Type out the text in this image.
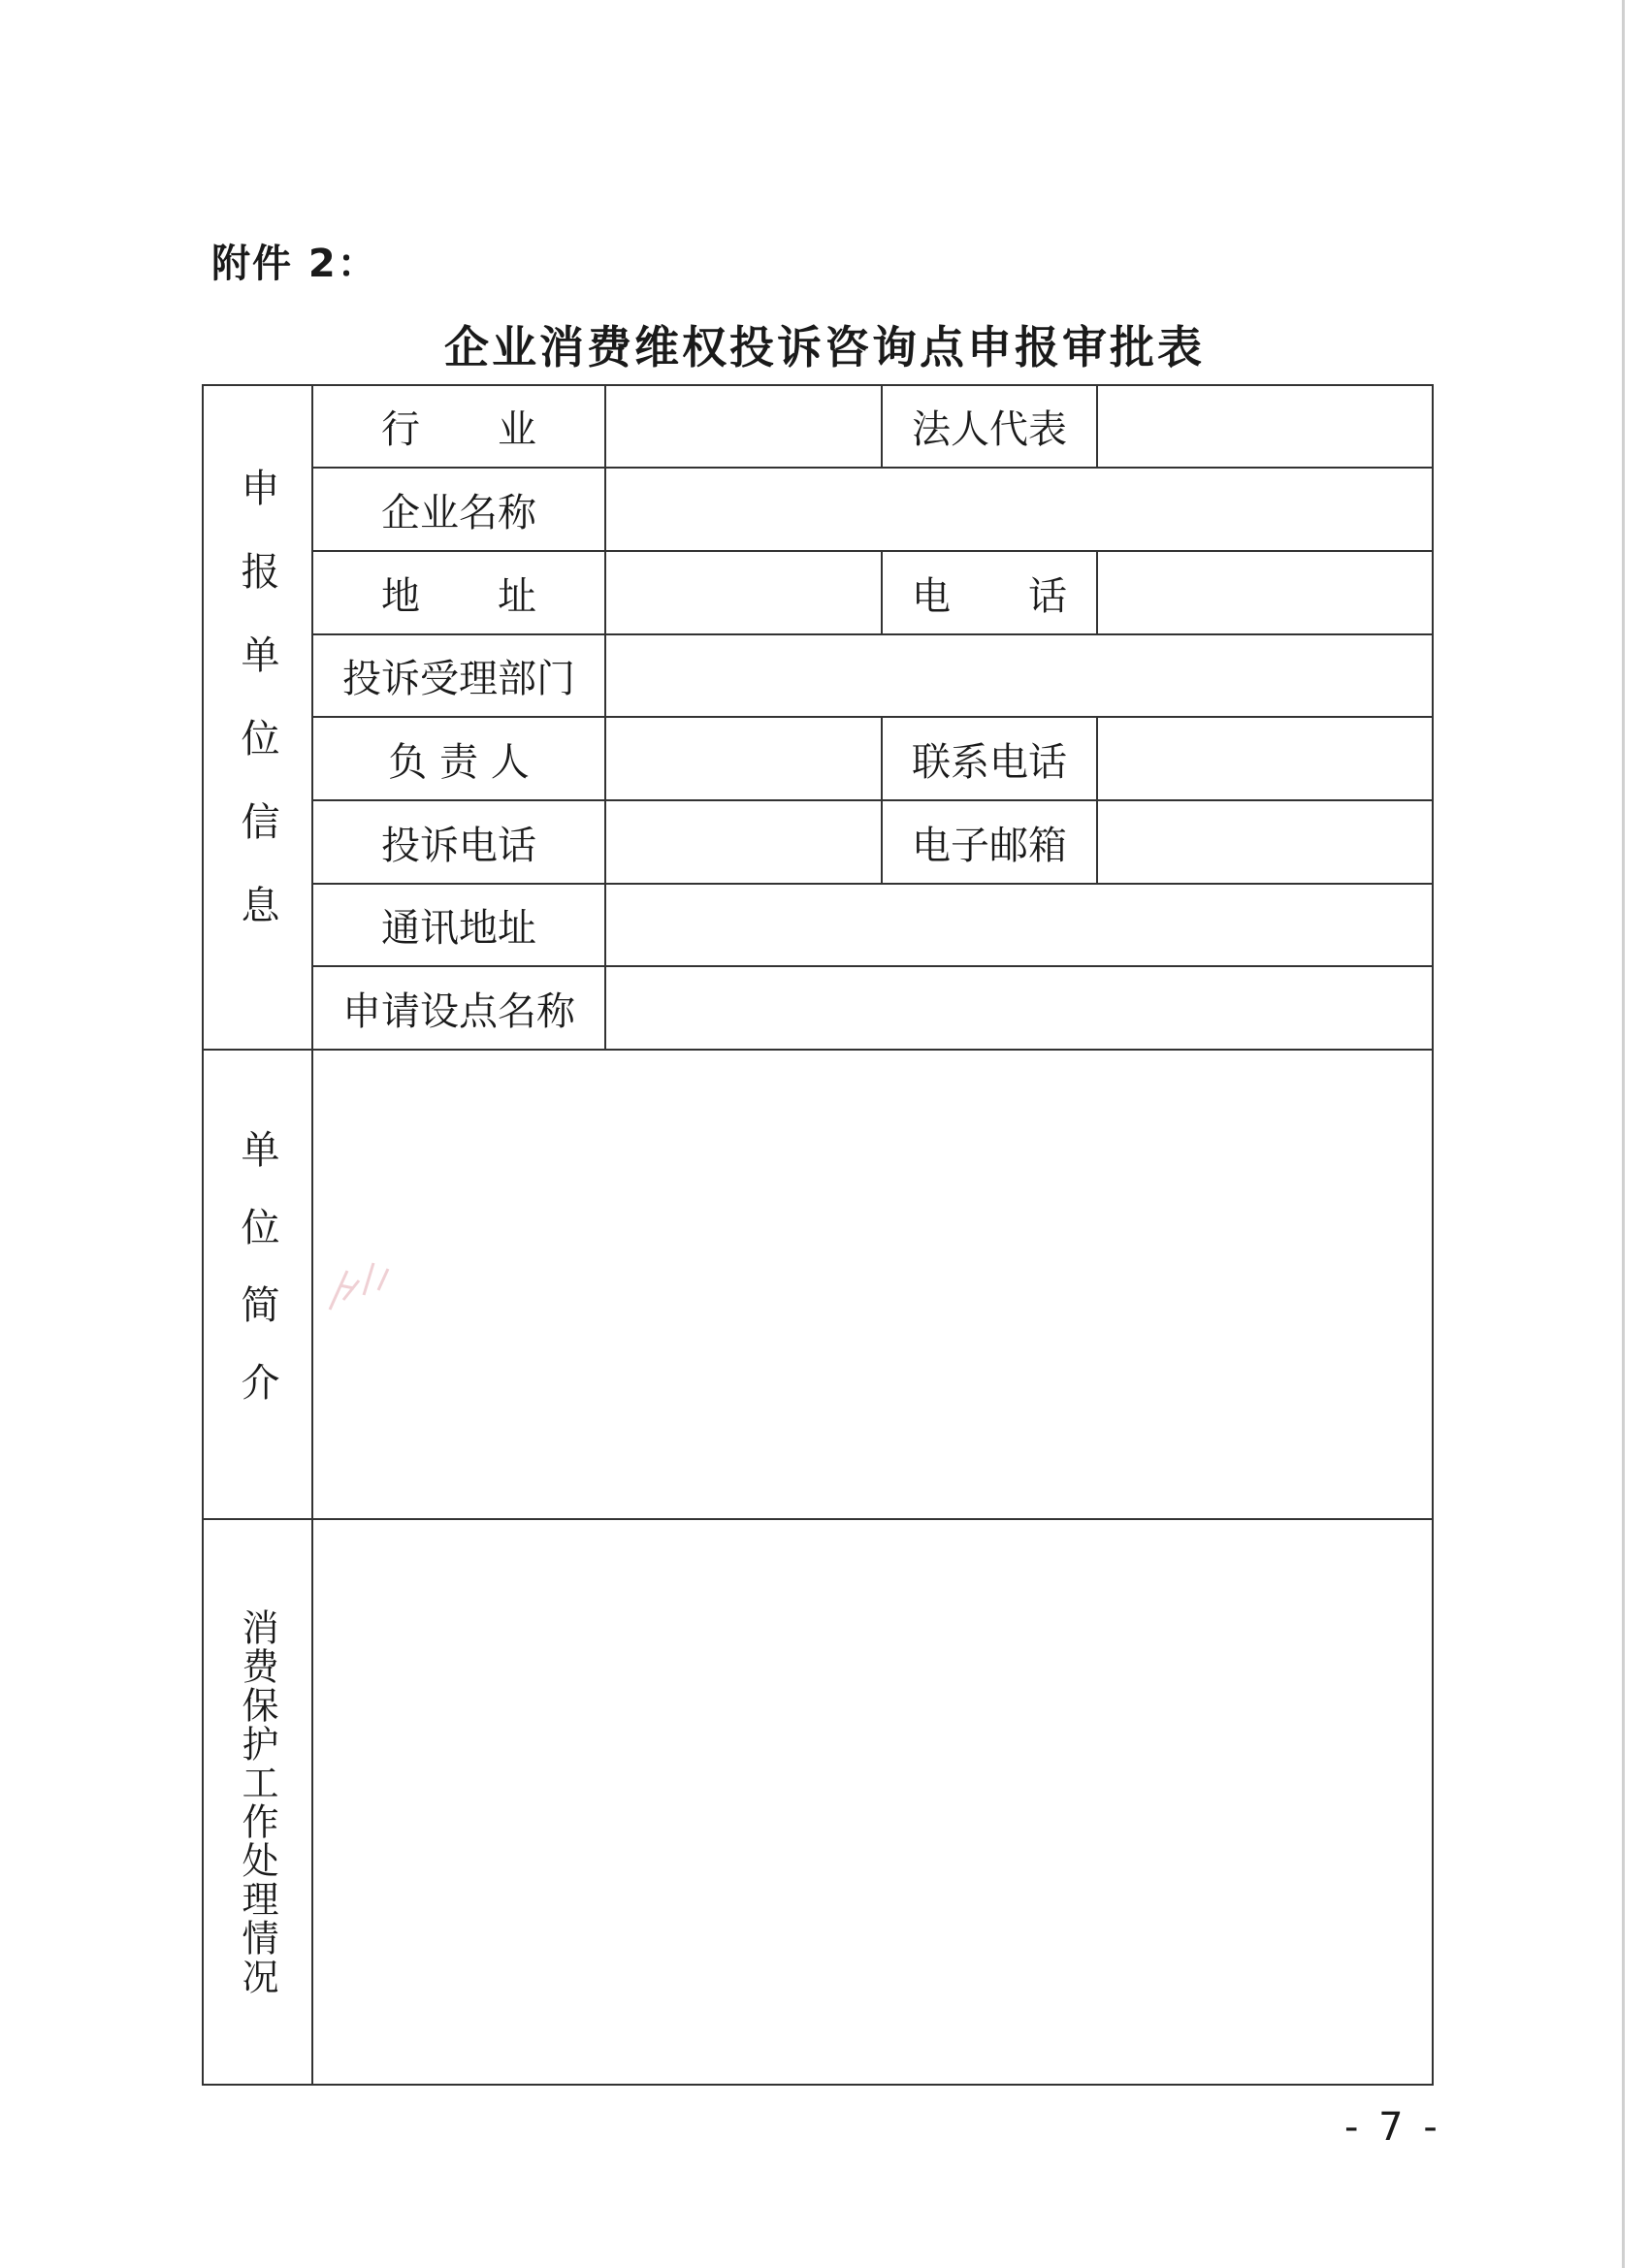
附件 2：
企业消费维权投诉咨询点申报审批表
申报单位信息	行　　业		法人代表	
	企业名称			
	地　　址		电　　话	
	投诉受理部门			
	负 责 人		联系电话	
	投诉电话		电子邮箱	
	通讯地址			
	申请设点名称			
单位简介				
消费保护工作处理情况				
- 7 -
